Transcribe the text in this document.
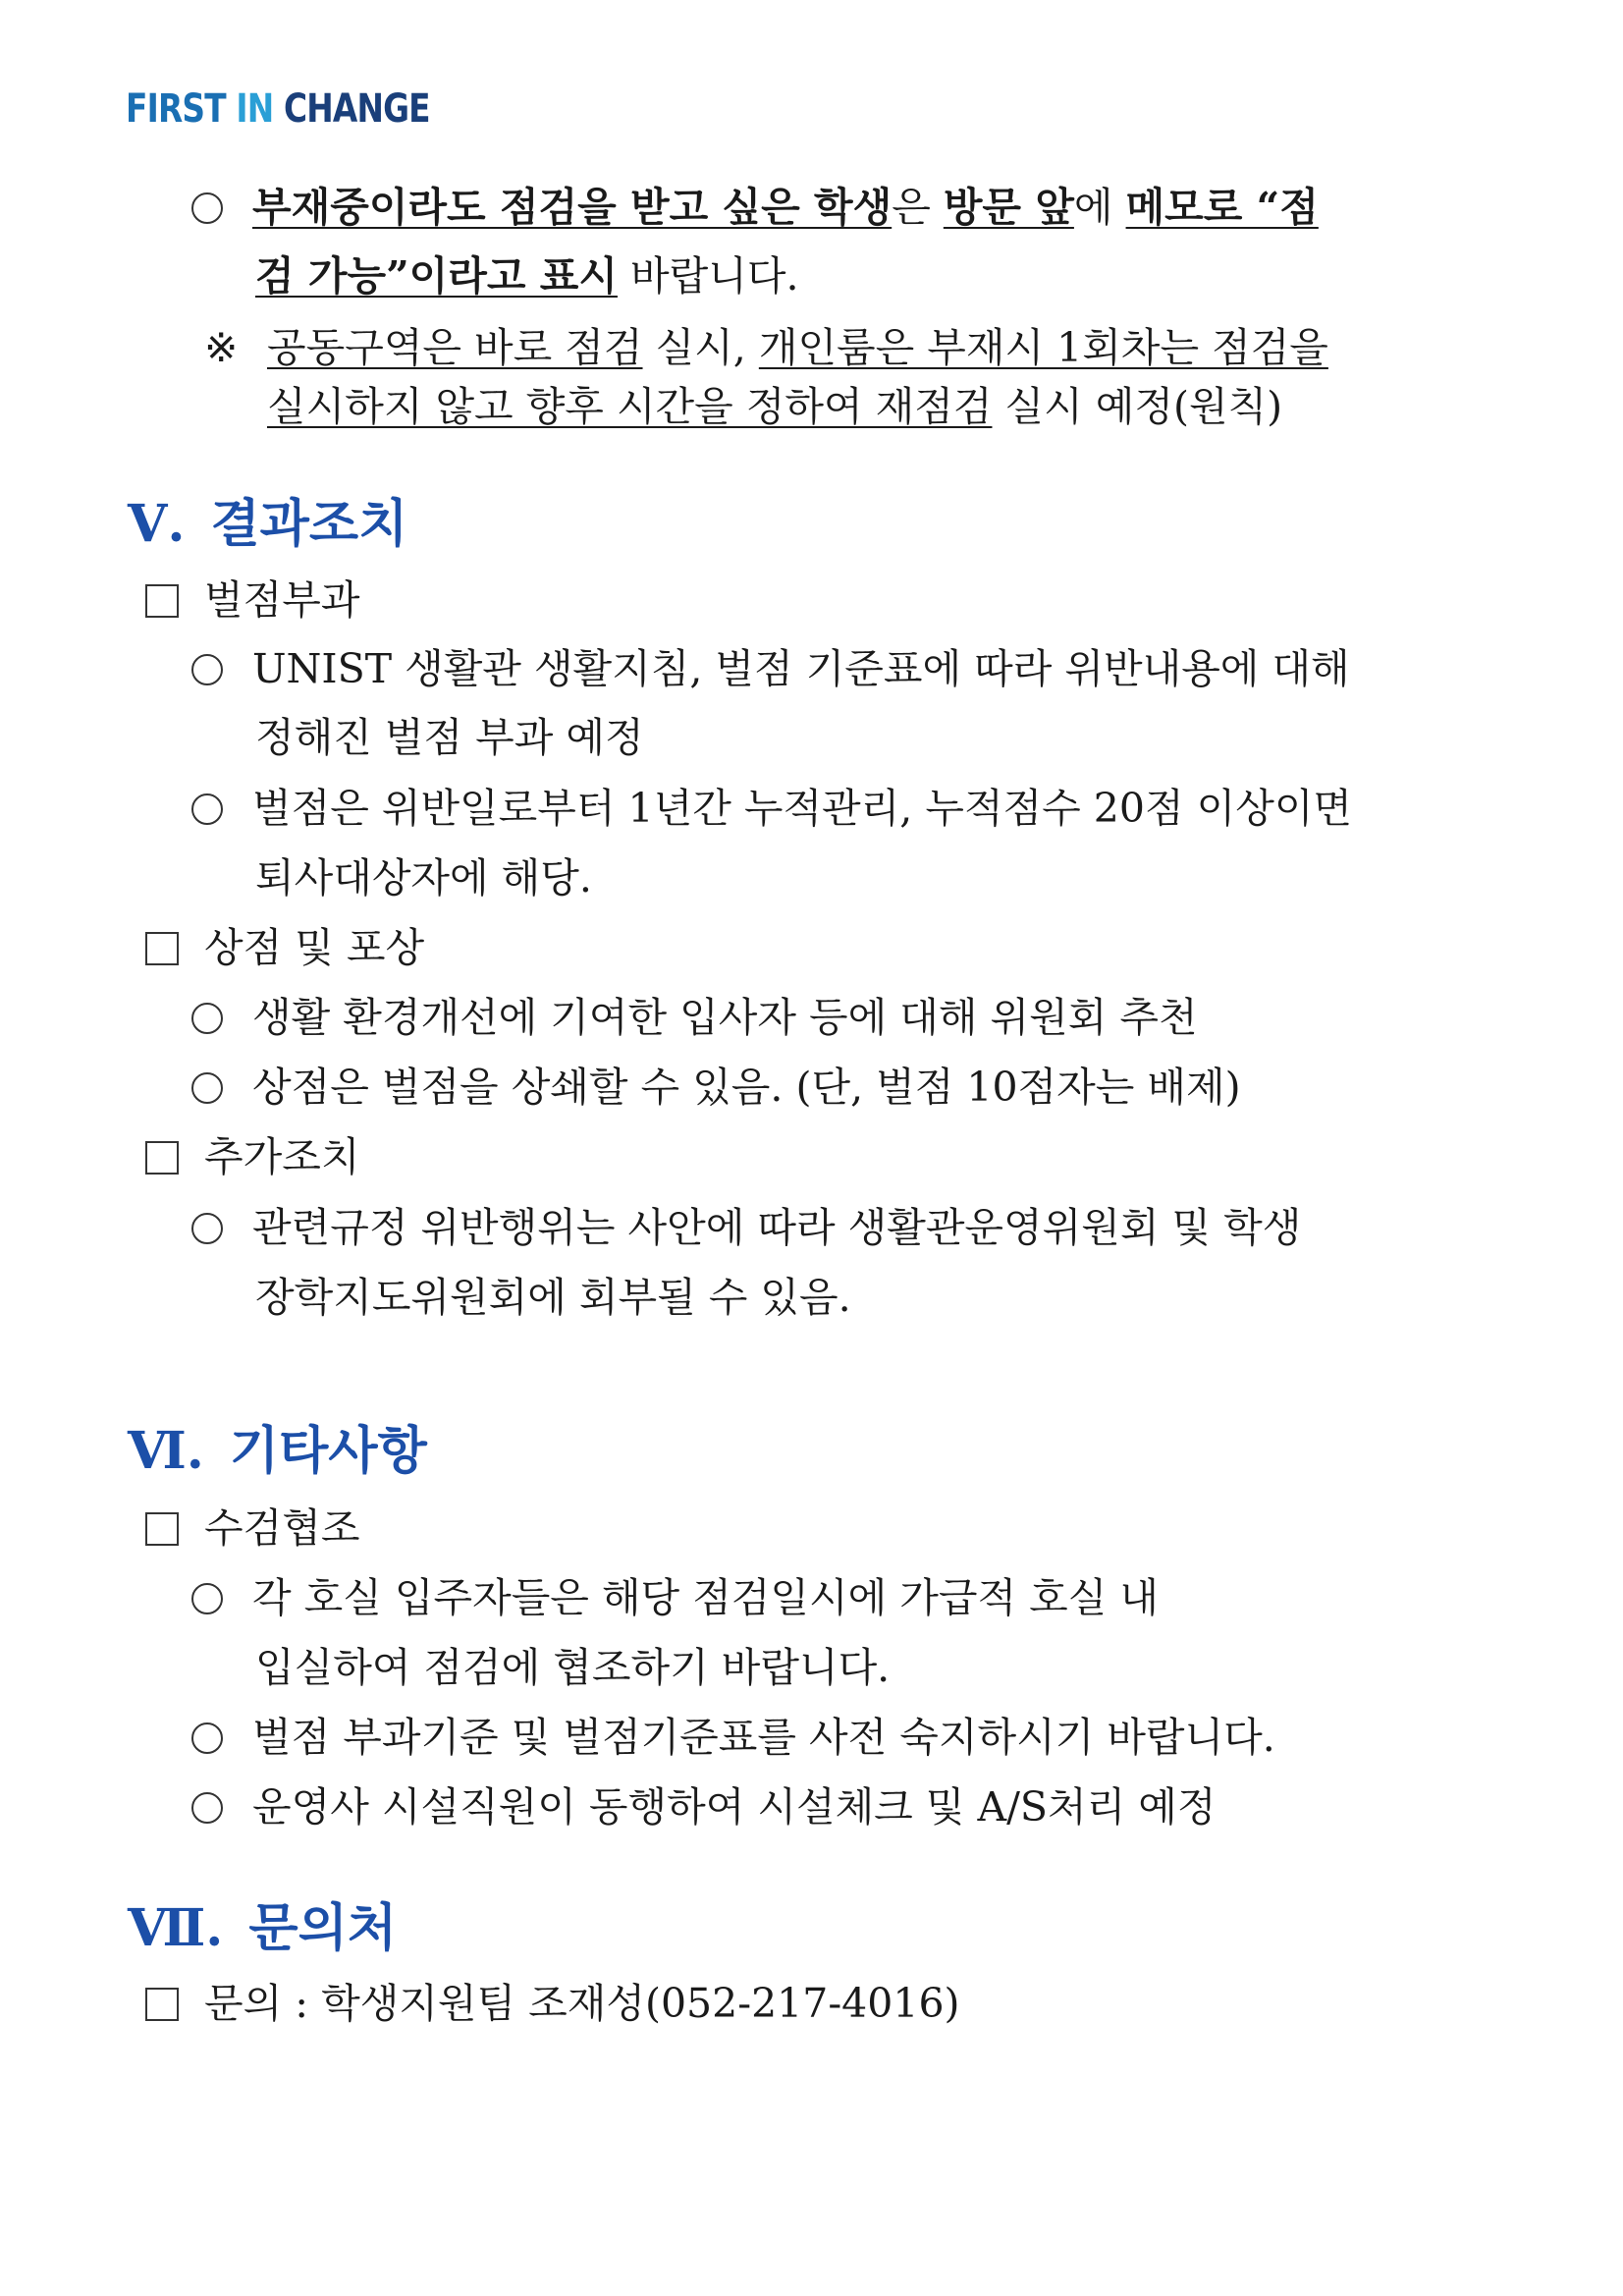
FIRST IN CHANGE
부재중이라도 점검을 받고 싶은 학생은 방문 앞에 메모로 “점
검 가능”이라고 표시 바랍니다.
※ 공동구역은 바로 점검 실시, 개인룸은 부재시 1회차는 점검을
실시하지 않고 향후 시간을 정하여 재점검 실시 예정(원칙)
Ⅴ. 결과조치
벌점부과
UNIST 생활관 생활지침, 벌점 기준표에 따라 위반내용에 대해
정해진 벌점 부과 예정
벌점은 위반일로부터 1년간 누적관리, 누적점수 20점 이상이면
퇴사대상자에 해당.
상점 및 포상
생활 환경개선에 기여한 입사자 등에 대해 위원회 추천
상점은 벌점을 상쇄할 수 있음. (단, 벌점 10점자는 배제)
추가조치
관련규정 위반행위는 사안에 따라 생활관운영위원회 및 학생
장학지도위원회에 회부될 수 있음.
Ⅵ. 기타사항
수검협조
각 호실 입주자들은 해당 점검일시에 가급적 호실 내
입실하여 점검에 협조하기 바랍니다.
벌점 부과기준 및 벌점기준표를 사전 숙지하시기 바랍니다.
운영사 시설직원이 동행하여 시설체크 및 A/S처리 예정
Ⅶ. 문의처
문의 : 학생지원팀 조재성(052-217-4016)
